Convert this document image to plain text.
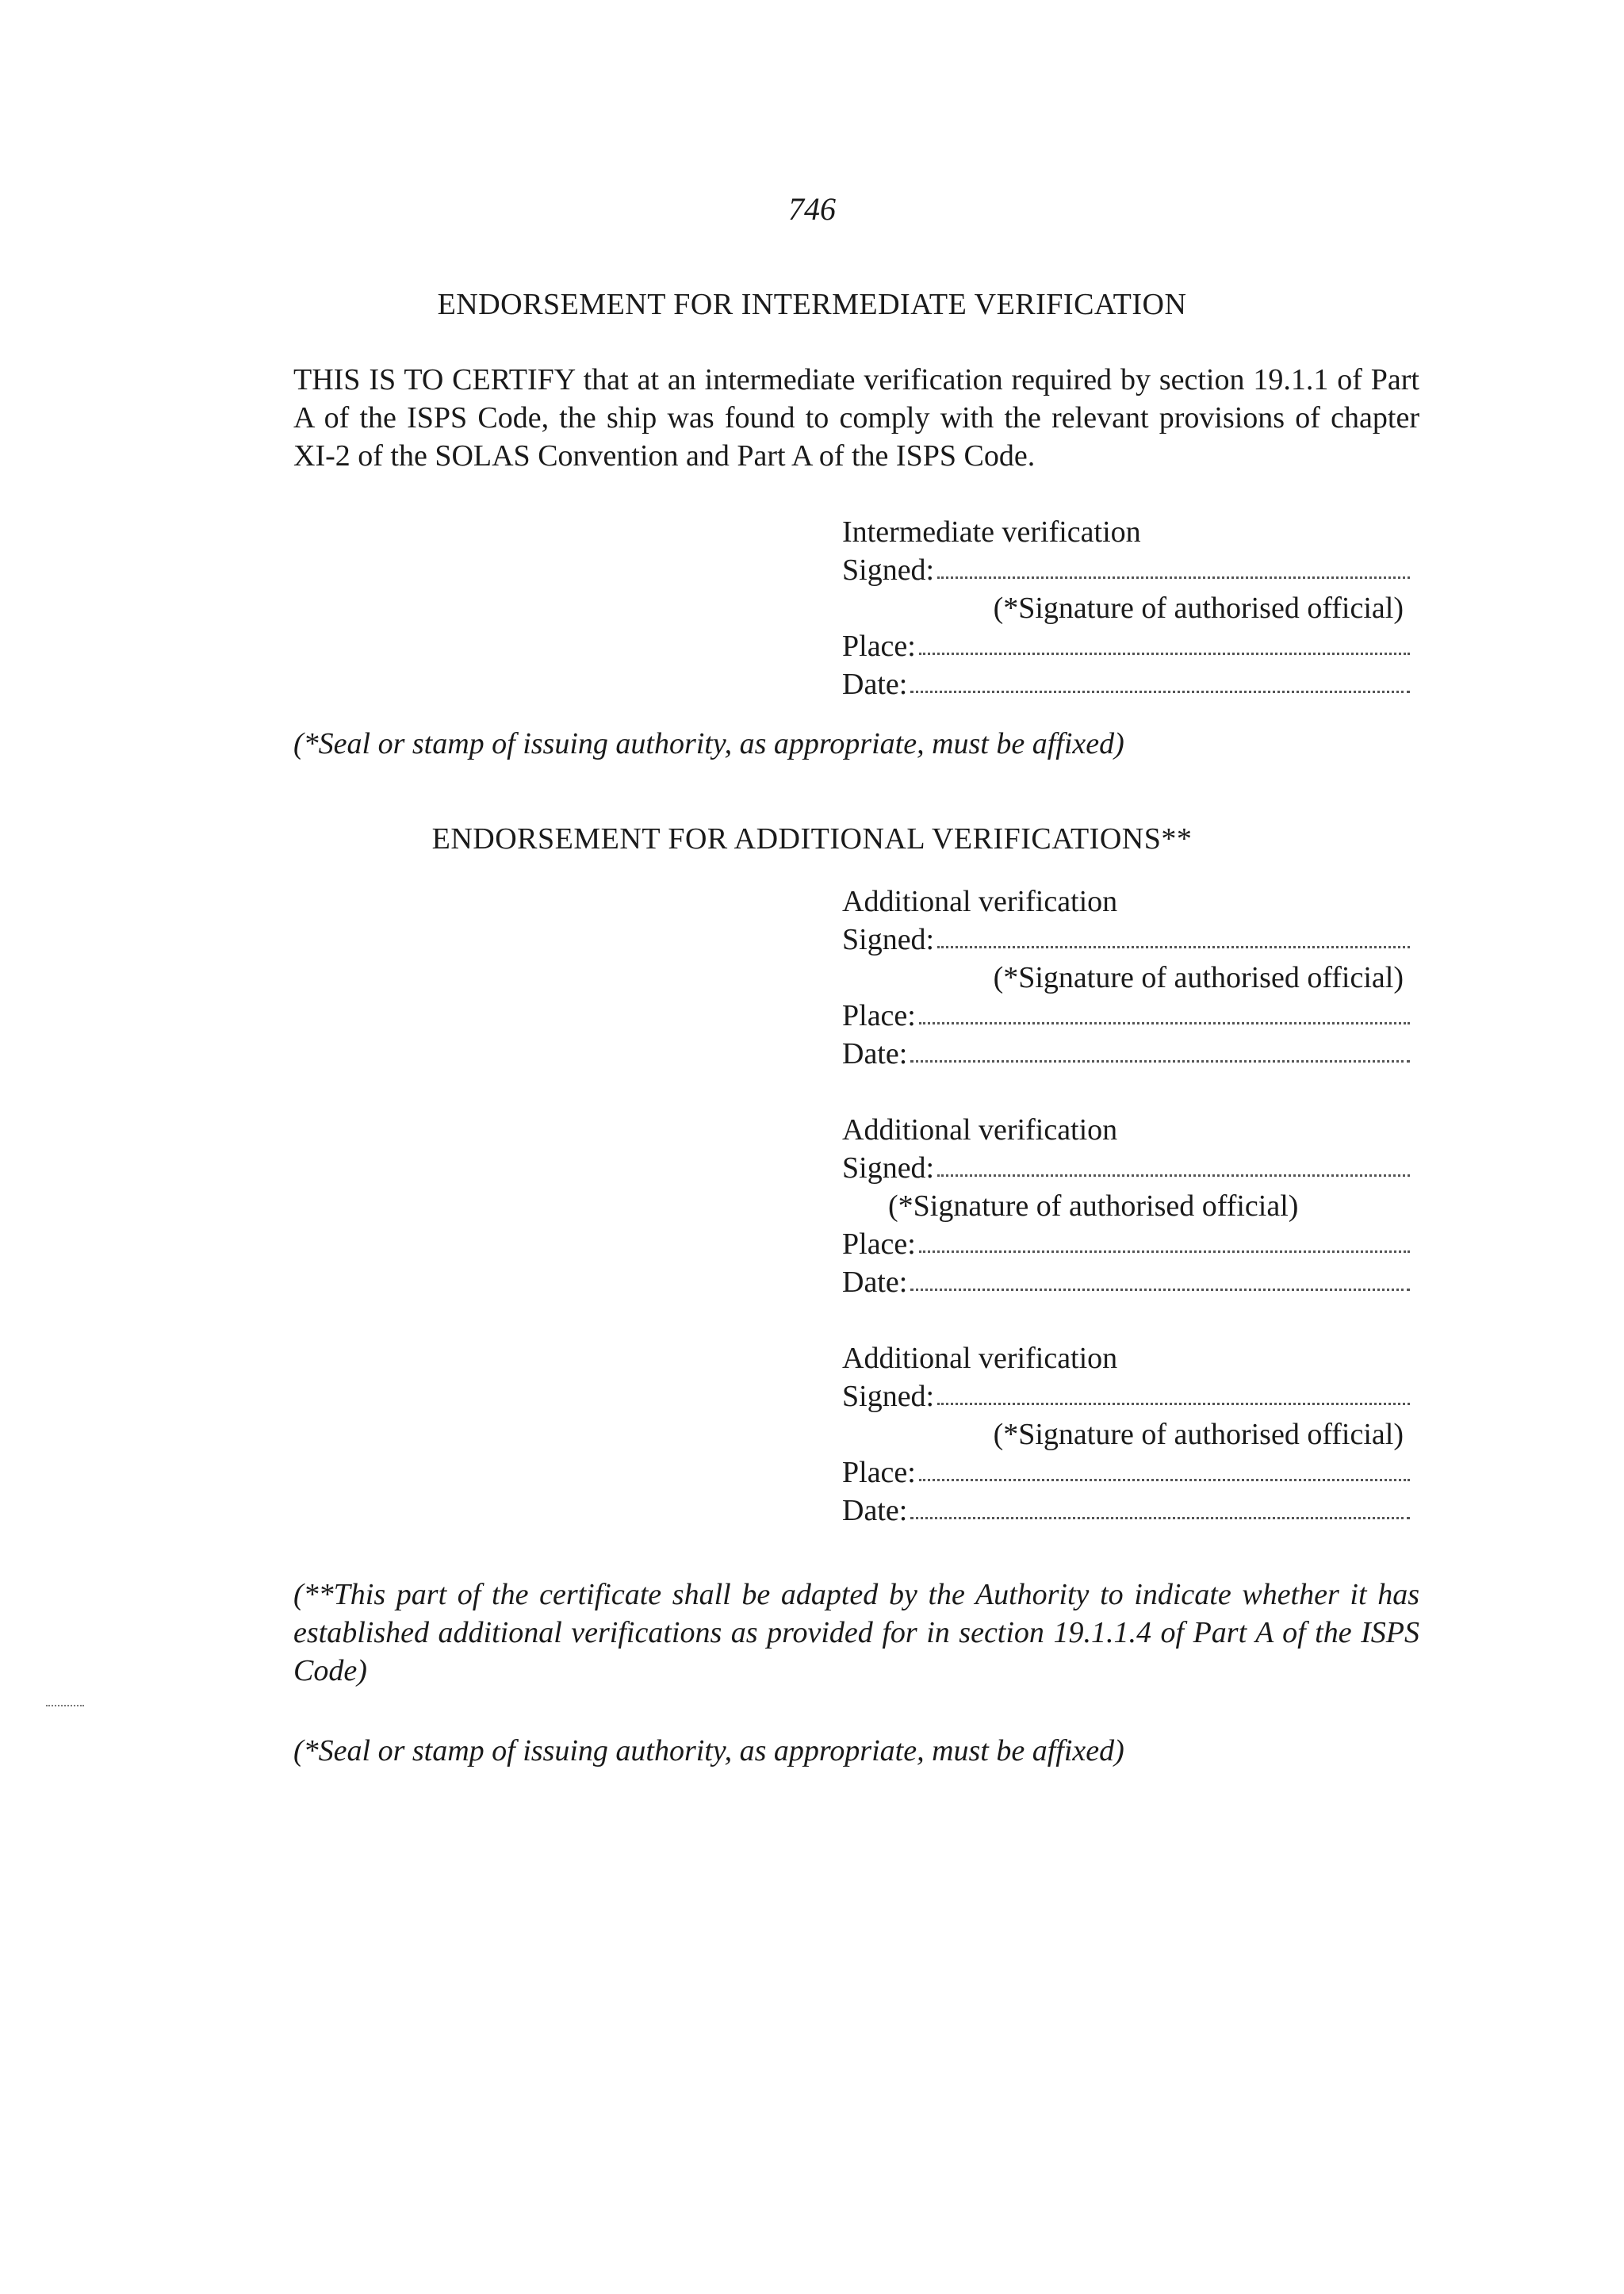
746
ENDORSEMENT FOR INTERMEDIATE VERIFICATION
THIS IS TO CERTIFY that at an intermediate verification required by section 19.1.1 of Part A of the ISPS Code, the ship was found to comply with the relevant provisions of chapter XI-2 of the SOLAS Convention and Part A of the ISPS Code.
Intermediate verification
Signed:
(*Signature of authorised official)
Place:
Date:
(*Seal or stamp of issuing authority, as appropriate, must be affixed)
ENDORSEMENT FOR ADDITIONAL VERIFICATIONS**
Additional verification
Signed:
(*Signature of authorised official)
Place:
Date:
Additional verification
Signed:
(*Signature of authorised official)
Place:
Date:
Additional verification
Signed:
(*Signature of authorised official)
Place:
Date:
(**This part of the certificate shall be adapted by the Authority to indicate whether it has established additional verifications as provided for in section 19.1.1.4 of Part A of the ISPS Code)
(*Seal or stamp of issuing authority, as appropriate, must be affixed)
